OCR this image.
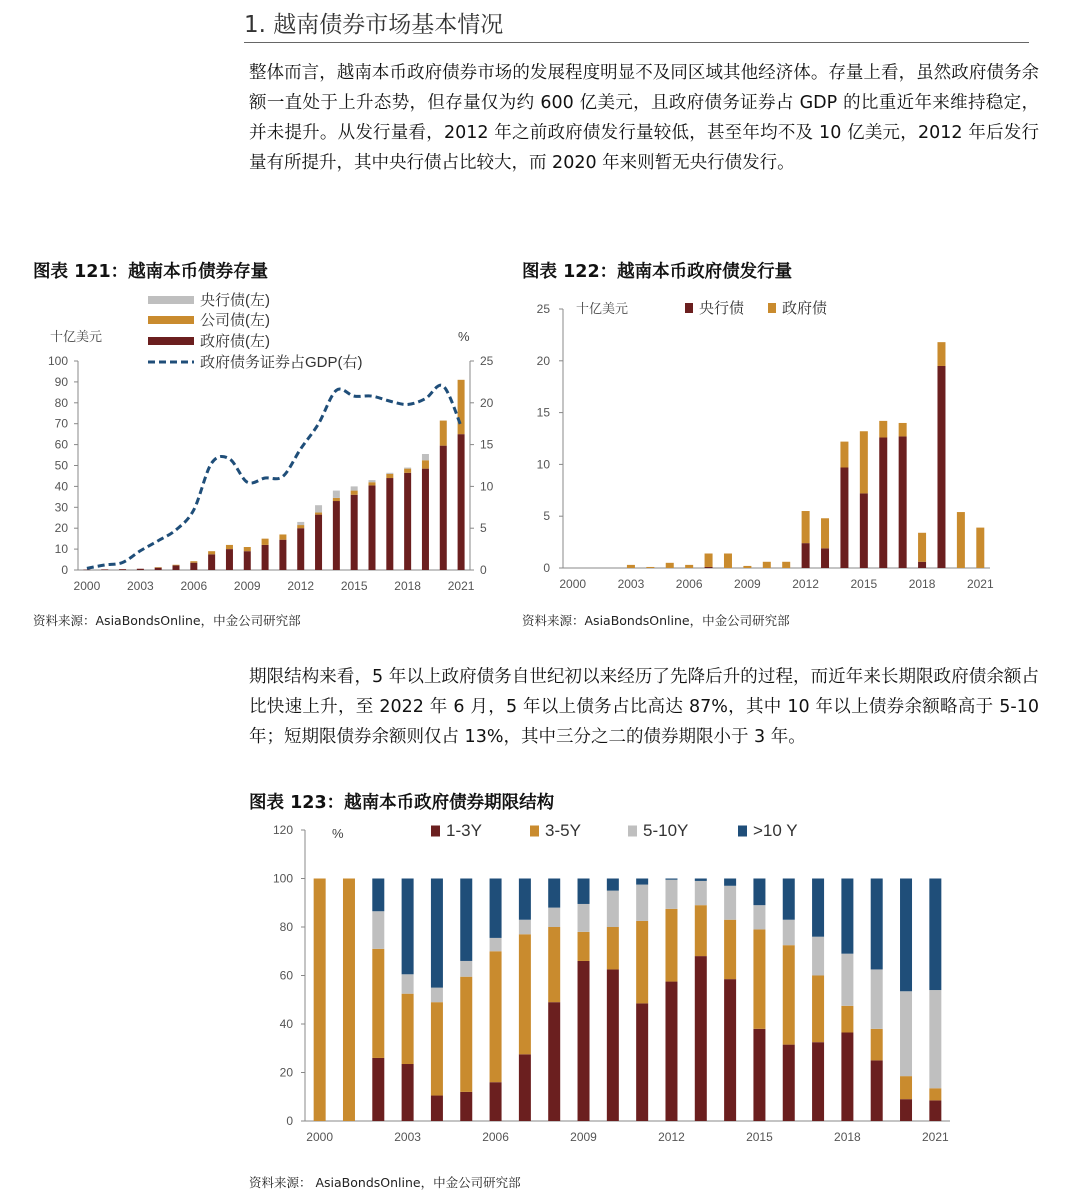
1. 越南债券市场基本情况

整体而言，越南本币政府债券市场的发展程度明显不及同区域其他经济体。存量上看，虽然政府债务余额一直处于上升态势，但存量仅为约 600 亿美元，且政府债务证券占 GDP 的比重近年来维持稳定，并未提升。从发行量看，2012 年之前政府债发行量较低，甚至年均不及 10 亿美元，2012 年后发行量有所提升，其中央行债占比较大，而 2020 年来则暂无央行债发行。

图表 121：越南本币债券存量
0
10
20
30
40
50
60
70
80
90
100
0
5
10
15
20
25
十亿美元	%
2000 2003 2006 2009 2012 2015 2018 2021
央行债(左)
公司债(左)
政府债(左)
政府债务证券占GDP(右)
资料来源：AsiaBondsOnline，中金公司研究部
图表 122：越南本币政府债发行量
0
5
10
15
20
25 十亿美元
2000	2003	2006	2009	2012	2015	2018	2021
央行债	政府债
资料来源：AsiaBondsOnline，中金公司研究部

期限结构来看，5 年以上政府债务自世纪初以来经历了先降后升的过程，而近年来长期限政府债余额占比快速上升，至 2022 年 6 月，5 年以上债务占比高达 87%，其中 10 年以上债券余额略高于 5-10 年；短期限债券余额则仅占 13%，其中三分之二的债券期限小于 3 年。

图表 123：越南本币政府债券期限结构
0
20
40
60
80
100
120	%
2000	2003	2006	2009	2012	2015	2018	2021
1-3Y	3-5Y	5-10Y	>10 Y
资料来源： AsiaBondsOnline，中金公司研究部
